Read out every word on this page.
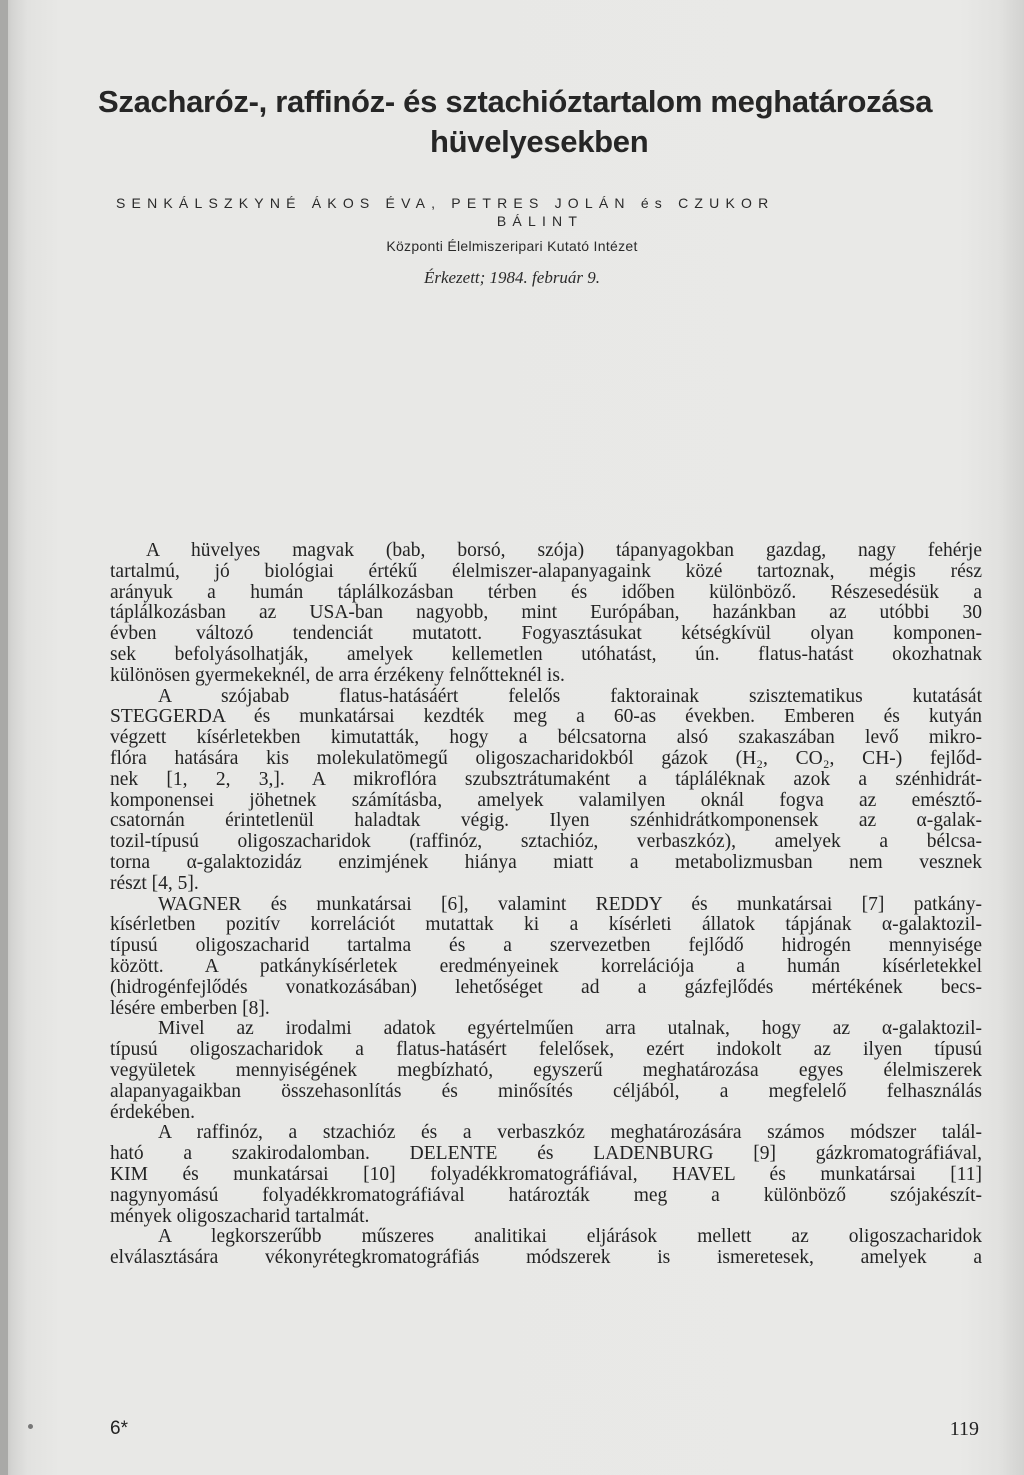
Szacharóz-, raffinóz- és sztachióztartalom meghatározása
hüvelyesekben
SENKÁLSZKYNÉ ÁKOS ÉVA, PETRES JOLÁN és CZUKOR
BÁLINT
Központi Élelmiszeripari Kutató Intézet
Érkezett; 1984. február 9.
A hüvelyes magvak (bab, borsó, szója) tápanyagokban gazdag, nagy fehérje
tartalmú, jó biológiai értékű élelmiszer-alapanyagaink közé tartoznak, mégis rész
arányuk a humán táplálkozásban térben és időben különböző. Részesedésük a
táplálkozásban az USA-ban nagyobb, mint Európában, hazánkban az utóbbi 30
évben változó tendenciát mutatott. Fogyasztásukat kétségkívül olyan komponen-
sek befolyásolhatják, amelyek kellemetlen utóhatást, ún. flatus-hatást okozhatnak
különösen gyermekeknél, de arra érzékeny felnőtteknél is.
A szójabab flatus-hatásáért felelős faktorainak szisztematikus kutatását
STEGGERDA és munkatársai kezdték meg a 60-as években. Emberen és kutyán
végzett kísérletekben kimutatták, hogy a bélcsatorna alsó szakaszában levő mikro-
flóra hatására kis molekulatömegű oligoszacharidokból gázok (H₂, CO₂, CH-) fejlőd-
nek [1, 2, 3,]. A mikroflóra szubsztrátumaként a tápláléknak azok a szénhidrát-
komponensei jöhetnek számításba, amelyek valamilyen oknál fogva az emésztő-
csatornán érintetlenül haladtak végig. Ilyen szénhidrátkomponensek az α-galak-
tozil-típusú oligoszacharidok (raffinóz, sztachióz, verbaszkóz), amelyek a bélcsa-
torna α-galaktozidáz enzimjének hiánya miatt a metabolizmusban nem vesznek
részt [4, 5].
WAGNER és munkatársai [6], valamint REDDY és munkatársai [7] patkány-
kísérletben pozitív korrelációt mutattak ki a kísérleti állatok tápjának α-galaktozil-
típusú oligoszacharid tartalma és a szervezetben fejlődő hidrogén mennyisége
között. A patkánykísérletek eredményeinek korrelációja a humán kísérletekkel
(hidrogénfejlődés vonatkozásában) lehetőséget ad a gázfejlődés mértékének becs-
lésére emberben [8].
Mivel az irodalmi adatok egyértelműen arra utalnak, hogy az α-galaktozil-
típusú oligoszacharidok a flatus-hatásért felelősek, ezért indokolt az ilyen típusú
vegyületek mennyiségének megbízható, egyszerű meghatározása egyes élelmiszerek
alapanyagaikban összehasonlítás és minősítés céljából, a megfelelő felhasználás
érdekében.
A raffinóz, a stzachióz és a verbaszkóz meghatározására számos módszer talál-
ható a szakirodalomban. DELENTE és LADENBURG [9] gázkromatográfiával,
KIM és munkatársai [10] folyadékkromatográfiával, HAVEL és munkatársai [11]
nagynyomású folyadékkromatográfiával határozták meg a különböző szójakészít-
mények oligoszacharid tartalmát.
A legkorszerűbb műszeres analitikai eljárások mellett az oligoszacharidok
elválasztására vékonyrétegkromatográfiás módszerek is ismeretesek, amelyek a
6*	119
